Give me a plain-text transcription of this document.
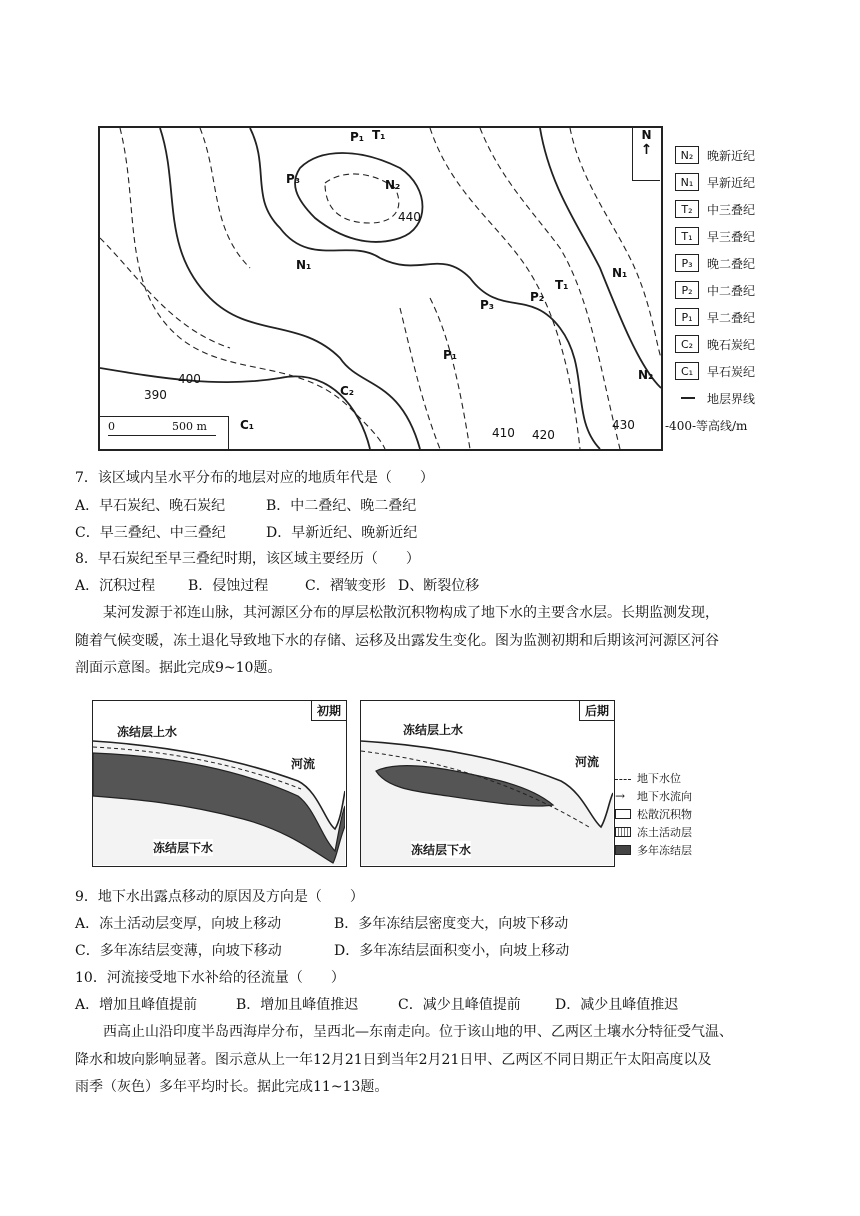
P₁ T₁
P₃	N₂
440
N₁
P₃
P₂
T₁
N₁
P₁
N₂
C₂
400
390
C₁
410 420
430
N
↑
0	500 m
N₂	晚新近纪
N₁	早新近纪
T₂	中三叠纪
T₁	早三叠纪
P₃	晚二叠纪
P₂	中二叠纪
P₁	早二叠纪
C₂	晚石炭纪
C₁	早石炭纪
地层界线
-400-等高线/m
7．该区域内呈水平分布的地层对应的地质年代是（　　）
A．早石炭纪、晚石炭纪	B．中二叠纪、晚二叠纪
C．早三叠纪、中三叠纪	D．早新近纪、晚新近纪
8．早石炭纪至早三叠纪时期，该区域主要经历（　　）
A．沉积过程 B．侵蚀过程	C．褶皱变形 D、断裂位移
某河发源于祁连山脉，其河源区分布的厚层松散沉积物构成了地下水的主要含水层。长期监测发现，
随着气候变暖，冻土退化导致地下水的存储、运移及出露发生变化。图为监测初期和后期该河河源区河谷
剖面示意图。据此完成9~10题。
初期
冻结层上水
河流
冻结层下水
后期
冻结层上水
河流
冻结层下水
地下水位
→	地下水流向
松散沉积物
冻土活动层
多年冻结层
9．地下水出露点移动的原因及方向是（　　）
A．冻土活动层变厚，向坡上移动	B．多年冻结层密度变大，向坡下移动
C．多年冻结层变薄，向坡下移动	D．多年冻结层面积变小，向坡上移动
10．河流接受地下水补给的径流量（　　）
A．增加且峰值提前	B．增加且峰值推迟	C．减少且峰值提前 D．减少且峰值推迟
西高止山沿印度半岛西海岸分布，呈西北—东南走向。位于该山地的甲、乙两区土壤水分特征受气温、
降水和坡向影响显著。图示意从上一年12月21日到当年2月21日甲、乙两区不同日期正午太阳高度以及
雨季（灰色）多年平均时长。据此完成11~13题。
